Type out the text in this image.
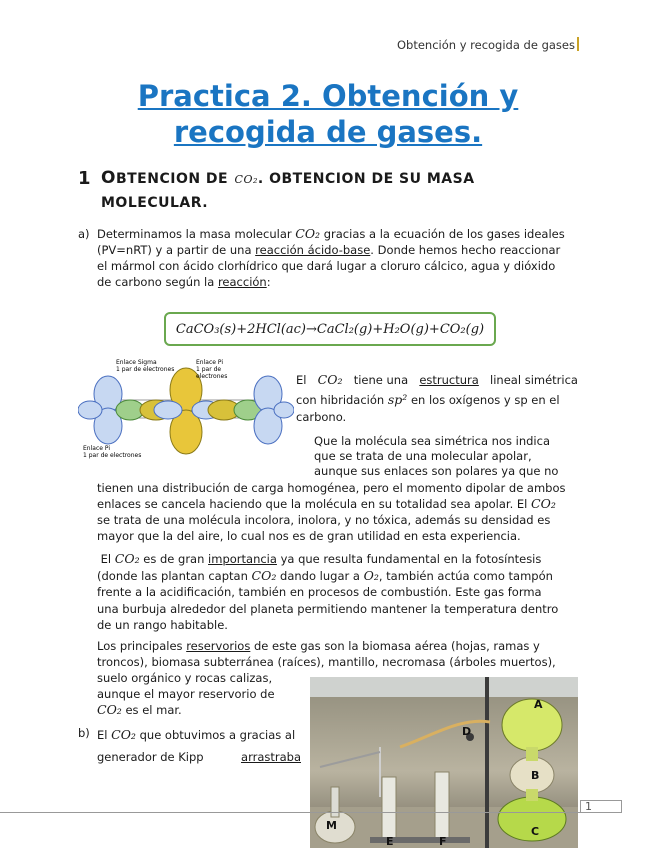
Obtención y recogida de gases
Practica 2. Obtención y
recogida de gases.
1 OBTENCION DE CO₂. OBTENCION DE SU MASA
MOLECULAR.
a) Determinamos la masa molecular CO₂ gracias a la ecuación de los gases ideales
(PV=nRT) y a partir de una reacción ácido-base. Donde hemos hecho reaccionar
el mármol con ácido clorhídrico que dará lugar a cloruro cálcico, agua y dióxido
de carbono según la reacción:
CaCO₃(s)+2HCl(ac)→CaCl₂(g)+H₂O(g)+CO₂(g)
Enlace Sigma
1 par de electrones
Enlace Pi
1 par de
electrones
Enlace Pi
1 par de electrones
El CO₂ tiene una estructura lineal simétrica
con hibridación sp² en los oxígenos y sp en el
carbono.
Que la molécula sea simétrica nos indica
que se trata de una molecular apolar,
aunque sus enlaces son polares ya que no
tienen una distribución de carga homogénea, pero el momento dipolar de ambos
enlaces se cancela haciendo que la molécula en su totalidad sea apolar. El CO₂
se trata de una molécula incolora, inolora, y no tóxica, además su densidad es
mayor que la del aire, lo cual nos es de gran utilidad en esta experiencia.
El CO₂ es de gran importancia ya que resulta fundamental en la fotosíntesis
(donde las plantan captan CO₂ dando lugar a O₂, también actúa como tampón
frente a la acidificación, también en procesos de combustión. Este gas forma
una burbuja alrededor del planeta permitiendo mantener la temperatura dentro
de un rango habitable.
Los principales reservorios de este gas son la biomasa aérea (hojas, ramas y
troncos), biomasa subterránea (raíces), mantillo, necromasa (árboles muertos),
suelo orgánico y rocas calizas,
aunque el mayor reservorio de
CO₂ es el mar.
b) El CO₂ que obtuvimos a gracias al
generador de Kipp	arrastraba
A
B
C
D
E	F
M
1
